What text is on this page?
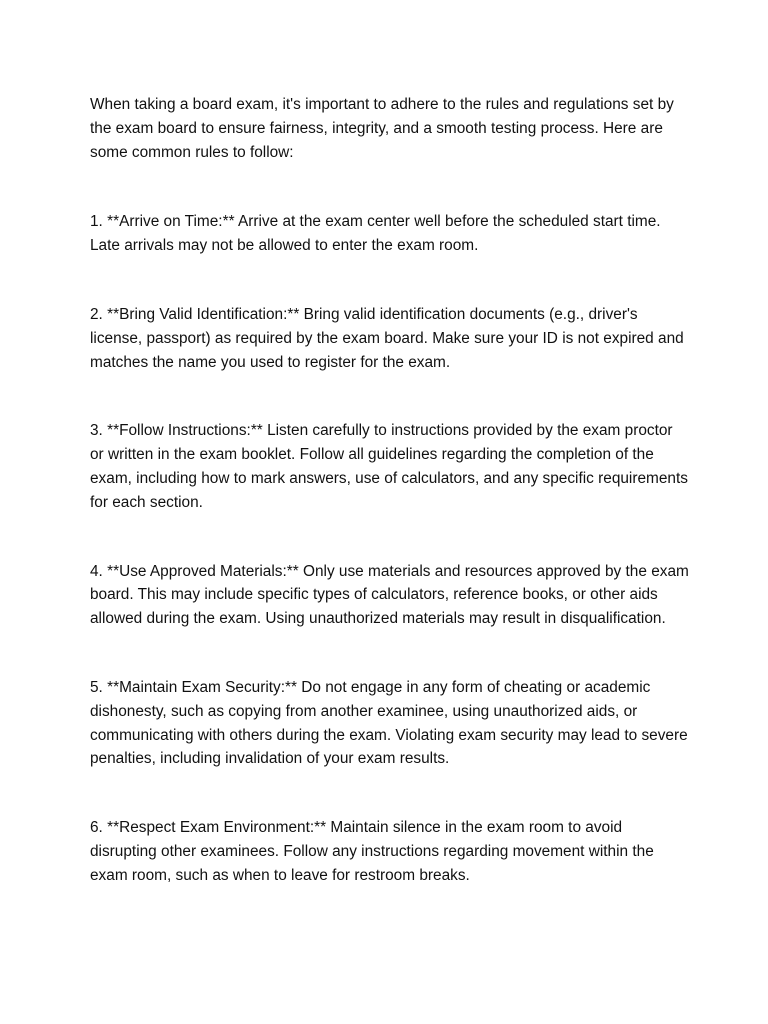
When taking a board exam, it's important to adhere to the rules and regulations set by the exam board to ensure fairness, integrity, and a smooth testing process. Here are some common rules to follow:

1. **Arrive on Time:** Arrive at the exam center well before the scheduled start time. Late arrivals may not be allowed to enter the exam room.

2. **Bring Valid Identification:** Bring valid identification documents (e.g., driver's license, passport) as required by the exam board. Make sure your ID is not expired and matches the name you used to register for the exam.

3. **Follow Instructions:** Listen carefully to instructions provided by the exam proctor or written in the exam booklet. Follow all guidelines regarding the completion of the exam, including how to mark answers, use of calculators, and any specific requirements for each section.

4. **Use Approved Materials:** Only use materials and resources approved by the exam board. This may include specific types of calculators, reference books, or other aids allowed during the exam. Using unauthorized materials may result in disqualification.

5. **Maintain Exam Security:** Do not engage in any form of cheating or academic dishonesty, such as copying from another examinee, using unauthorized aids, or communicating with others during the exam. Violating exam security may lead to severe penalties, including invalidation of your exam results.

6. **Respect Exam Environment:** Maintain silence in the exam room to avoid disrupting other examinees. Follow any instructions regarding movement within the exam room, such as when to leave for restroom breaks.
